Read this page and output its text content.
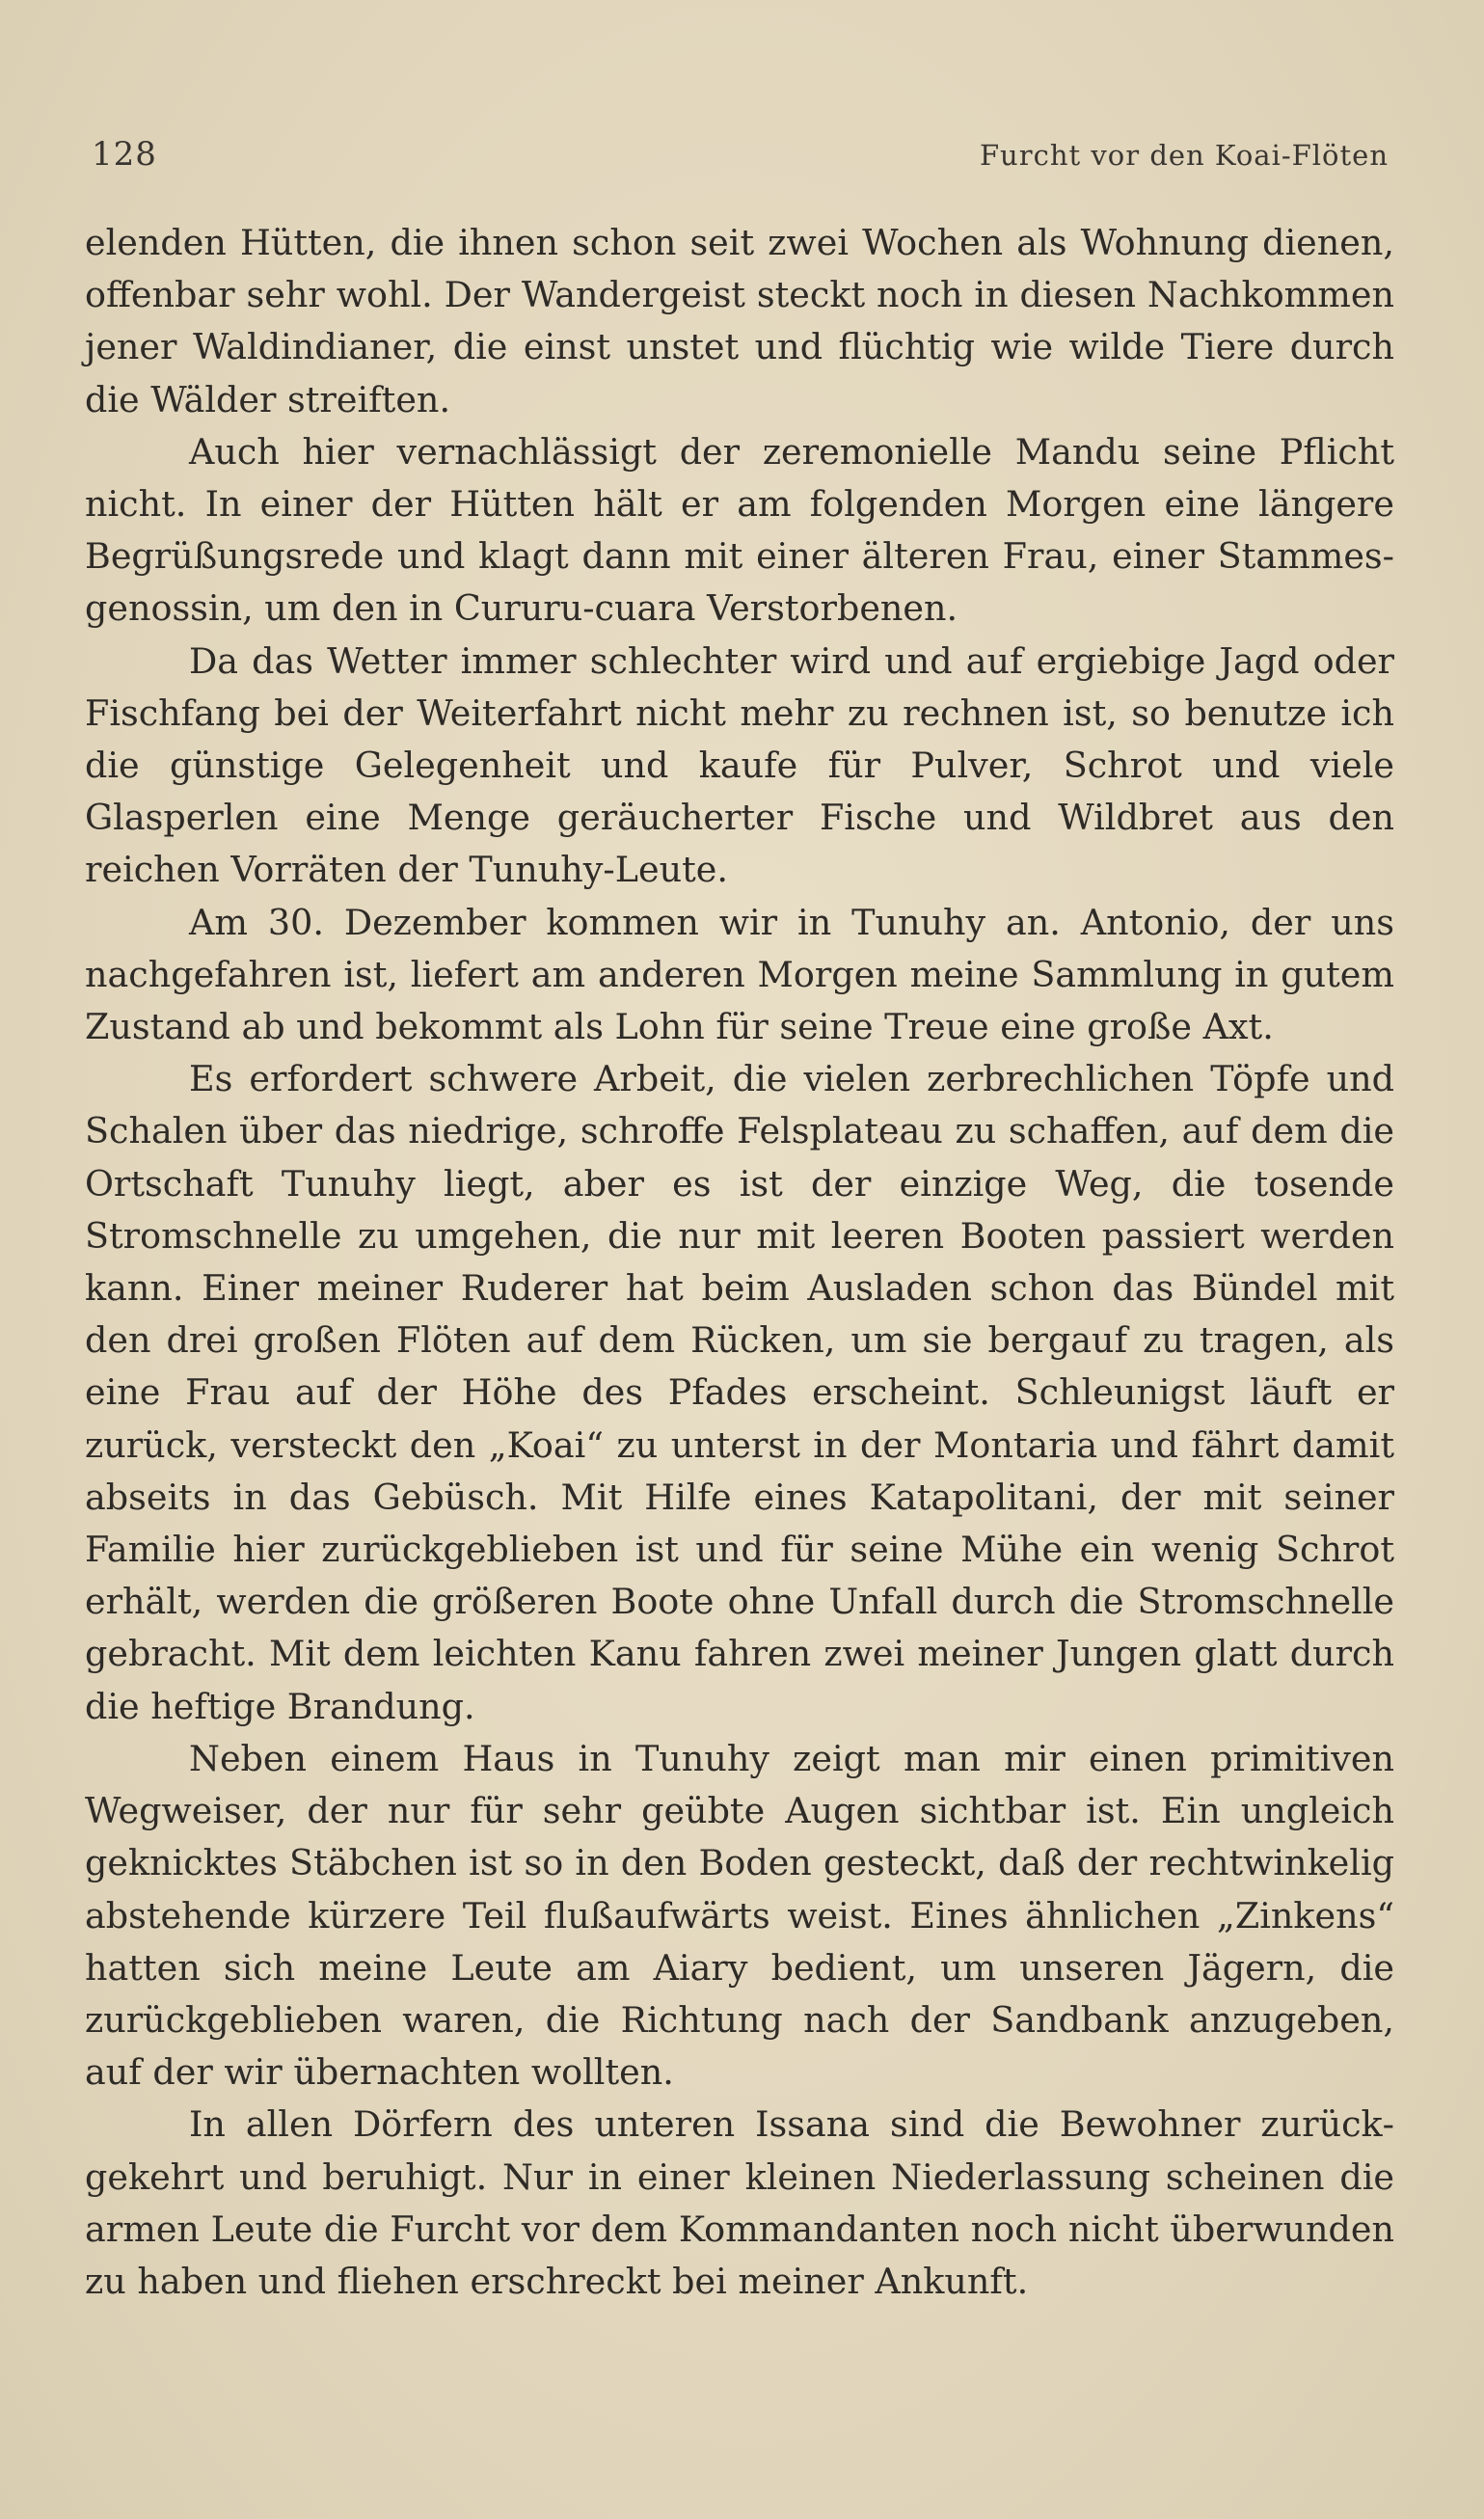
128	Furcht vor den Koai-Flöten

elenden Hütten, die ihnen schon seit zwei Wochen als Wohnung dienen, offenbar sehr wohl. Der Wandergeist steckt noch in diesen Nachkommen jener Waldindianer, die einst unstet und flüchtig wie wilde Tiere durch die Wälder streiften.

Auch hier vernachlässigt der zeremonielle Mandu seine Pflicht nicht. In einer der Hütten hält er am folgenden Morgen eine längere Begrüßungsrede und klagt dann mit einer älteren Frau, einer Stammesgenossin, um den in Cururu-cuara Verstorbenen.

Da das Wetter immer schlechter wird und auf ergiebige Jagd oder Fischfang bei der Weiterfahrt nicht mehr zu rechnen ist, so benutze ich die günstige Gelegenheit und kaufe für Pulver, Schrot und viele Glasperlen eine Menge geräucherter Fische und Wildbret aus den reichen Vorräten der Tunuhy-Leute.

Am 30. Dezember kommen wir in Tunuhy an. Antonio, der uns nachgefahren ist, liefert am anderen Morgen meine Sammlung in gutem Zustand ab und bekommt als Lohn für seine Treue eine große Axt.

Es erfordert schwere Arbeit, die vielen zerbrechlichen Töpfe und Schalen über das niedrige, schroffe Felsplateau zu schaffen, auf dem die Ortschaft Tunuhy liegt, aber es ist der einzige Weg, die tosende Stromschnelle zu umgehen, die nur mit leeren Booten passiert werden kann. Einer meiner Ruderer hat beim Ausladen schon das Bündel mit den drei großen Flöten auf dem Rücken, um sie bergauf zu tragen, als eine Frau auf der Höhe des Pfades erscheint. Schleunigst läuft er zurück, versteckt den „Koai“ zu unterst in der Montaria und fährt damit abseits in das Gebüsch. Mit Hilfe eines Katapolitani, der mit seiner Familie hier zurückgeblieben ist und für seine Mühe ein wenig Schrot erhält, werden die größeren Boote ohne Unfall durch die Stromschnelle gebracht. Mit dem leichten Kanu fahren zwei meiner Jungen glatt durch die heftige Brandung.

Neben einem Haus in Tunuhy zeigt man mir einen primitiven Wegweiser, der nur für sehr geübte Augen sichtbar ist. Ein ungleich geknicktes Stäbchen ist so in den Boden gesteckt, daß der rechtwinkelig abstehende kürzere Teil flußaufwärts weist. Eines ähnlichen „Zinkens“ hatten sich meine Leute am Aiary bedient, um unseren Jägern, die zurückgeblieben waren, die Richtung nach der Sandbank anzugeben, auf der wir übernachten wollten.

In allen Dörfern des unteren Issana sind die Bewohner zurückgekehrt und beruhigt. Nur in einer kleinen Niederlassung scheinen die armen Leute die Furcht vor dem Kommandanten noch nicht überwunden zu haben und fliehen erschreckt bei meiner Ankunft.
